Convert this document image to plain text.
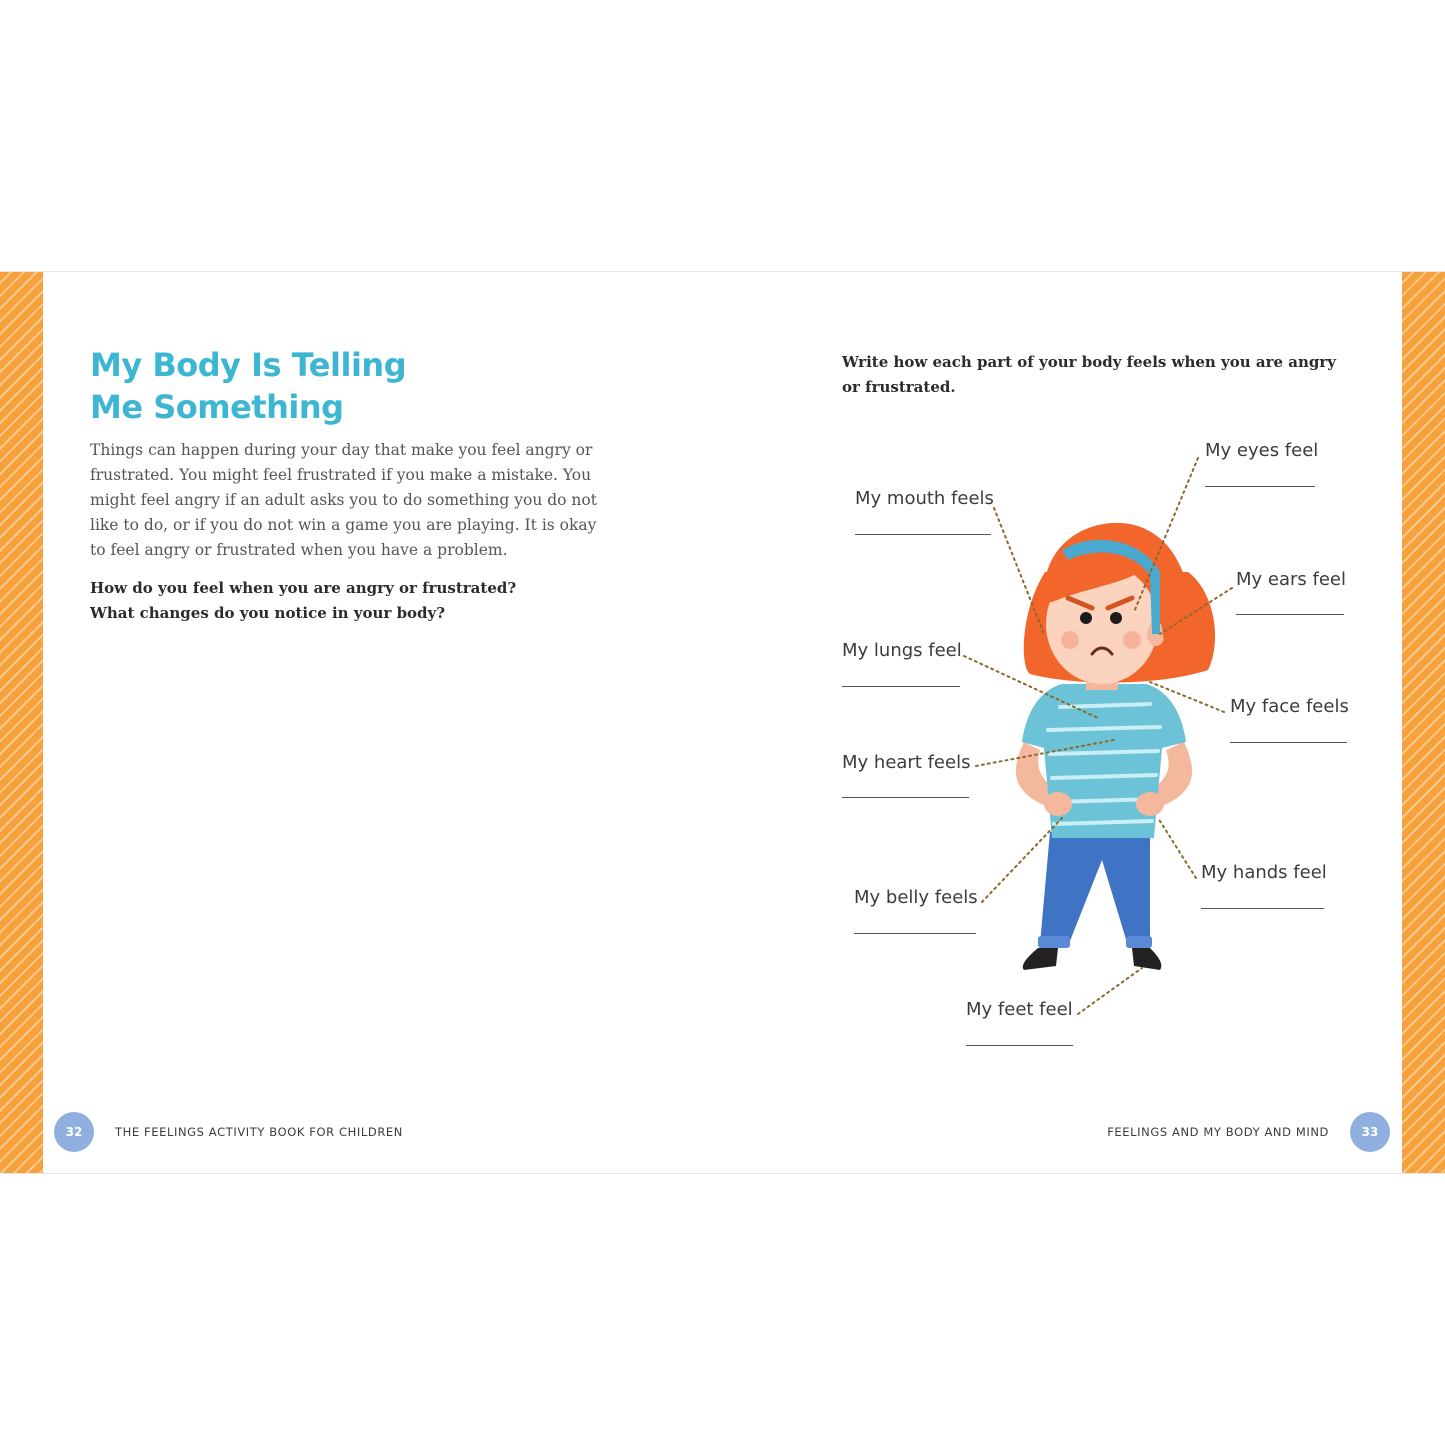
My Body Is Telling
Me Something

Things can happen during your day that make you feel angry or frustrated. You might feel frustrated if you make a mistake. You might feel angry if an adult asks you to do something you do not like to do, or if you do not win a game you are playing. It is okay to feel angry or frustrated when you have a problem.

How do you feel when you are angry or frustrated?
What changes do you notice in your body?

Write how each part of your body feels when you are angry or frustrated.

My eyes feel
My mouth feels
My ears feel
My lungs feel
My face feels
My heart feels
My hands feel
My belly feels
My feet feel
32	THE FEELINGS ACTIVITY BOOK FOR CHILDREN	FEELINGS AND MY BODY AND MIND	33
